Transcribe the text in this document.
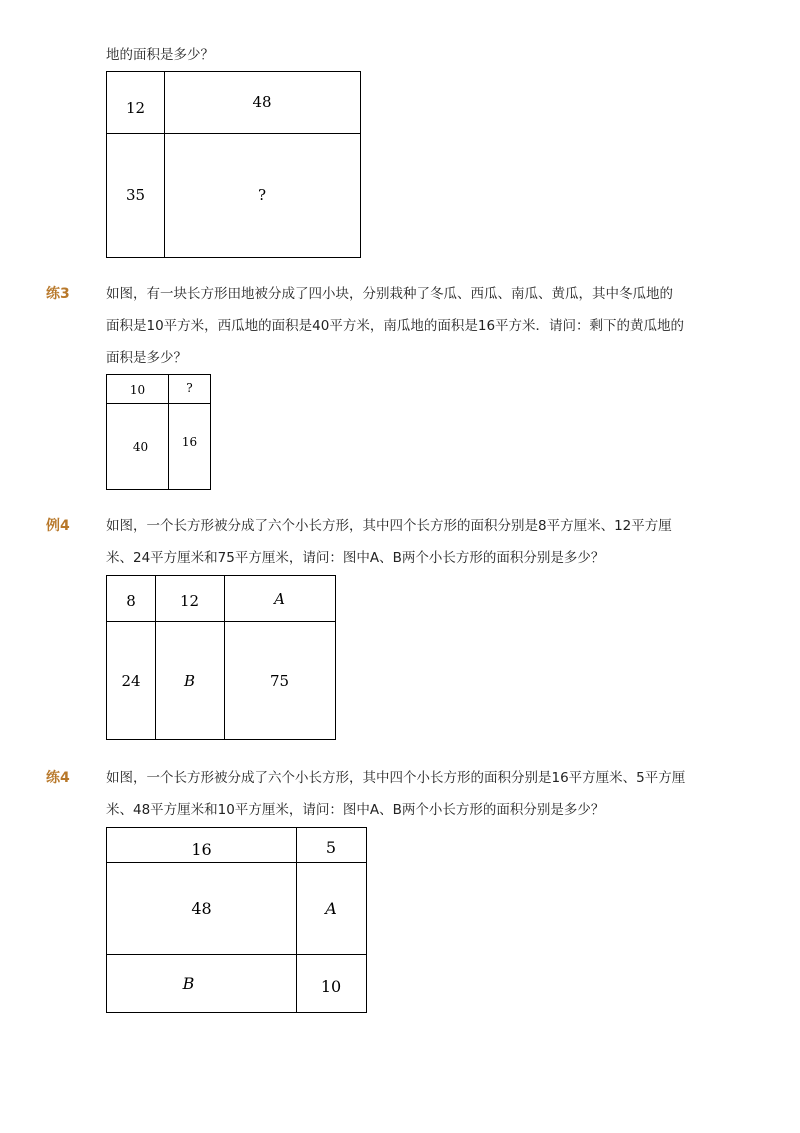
地的面积是多少？
12	48
35	?
练3	如图，有一块长方形田地被分成了四小块，分别栽种了冬瓜、西瓜、南瓜、黄瓜，其中冬瓜地的
面积是10平方米，西瓜地的面积是40平方米，南瓜地的面积是16平方米．请问：剩下的黄瓜地的
面积是多少？
10	?
40	16
例4	如图，一个长方形被分成了六个小长方形，其中四个长方形的面积分别是8平方厘米、12平方厘
米、24平方厘米和75平方厘米，请问：图中A、B两个小长方形的面积分别是多少？
8	12	A
24	B	75
练4	如图，一个长方形被分成了六个小长方形，其中四个小长方形的面积分别是16平方厘米、5平方厘
米、48平方厘米和10平方厘米，请问：图中A、B两个小长方形的面积分别是多少？
16	5
48	A
B	10
